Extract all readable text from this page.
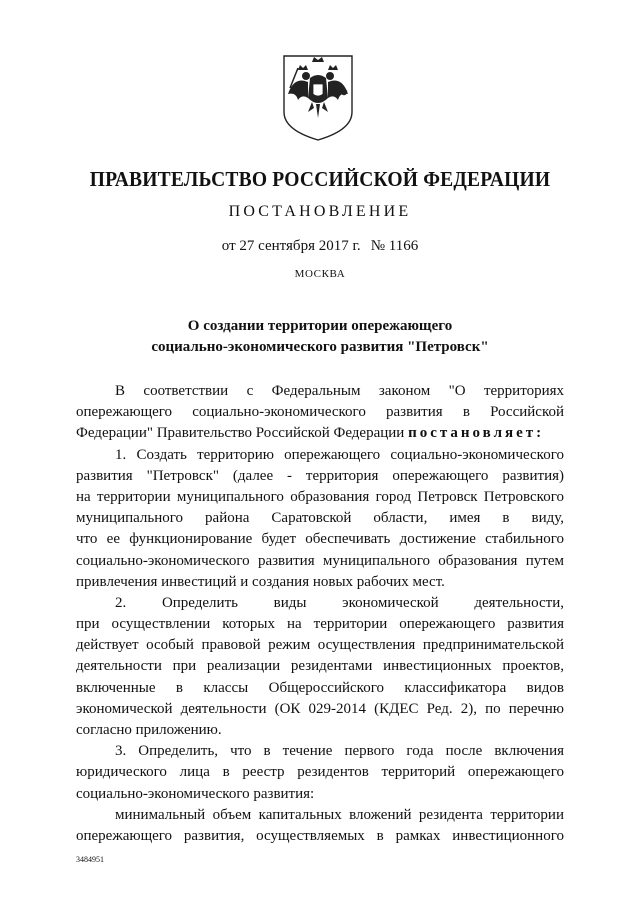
ПРАВИТЕЛЬСТВО РОССИЙСКОЙ ФЕДЕРАЦИИ
ПОСТАНОВЛЕНИЕ
от 27 сентября 2017 г. № 1166
МОСКВА
О создании территории опережающего
социально-экономического развития "Петровск"
В соответствии с Федеральным законом "О территориях
опережающего социально-экономического развития в Российской
Федерации" Правительство Российской Федерации постановляет:
1. Создать территорию опережающего социально-экономического
развития "Петровск" (далее - территория опережающего развития)
на территории муниципального образования город Петровск Петровского
муниципального района Саратовской области, имея в виду,
что ее функционирование будет обеспечивать достижение стабильного
социально-экономического развития муниципального образования путем
привлечения инвестиций и создания новых рабочих мест.
2. Определить виды экономической деятельности,
при осуществлении которых на территории опережающего развития
действует особый правовой режим осуществления предпринимательской
деятельности при реализации резидентами инвестиционных проектов,
включенные в классы Общероссийского классификатора видов
экономической деятельности (ОК 029-2014 (КДЕС Ред. 2), по перечню
согласно приложению.
3. Определить, что в течение первого года после включения
юридического лица в реестр резидентов территорий опережающего
социально-экономического развития:
минимальный объем капитальных вложений резидента территории
опережающего развития, осуществляемых в рамках инвестиционного
3484951
